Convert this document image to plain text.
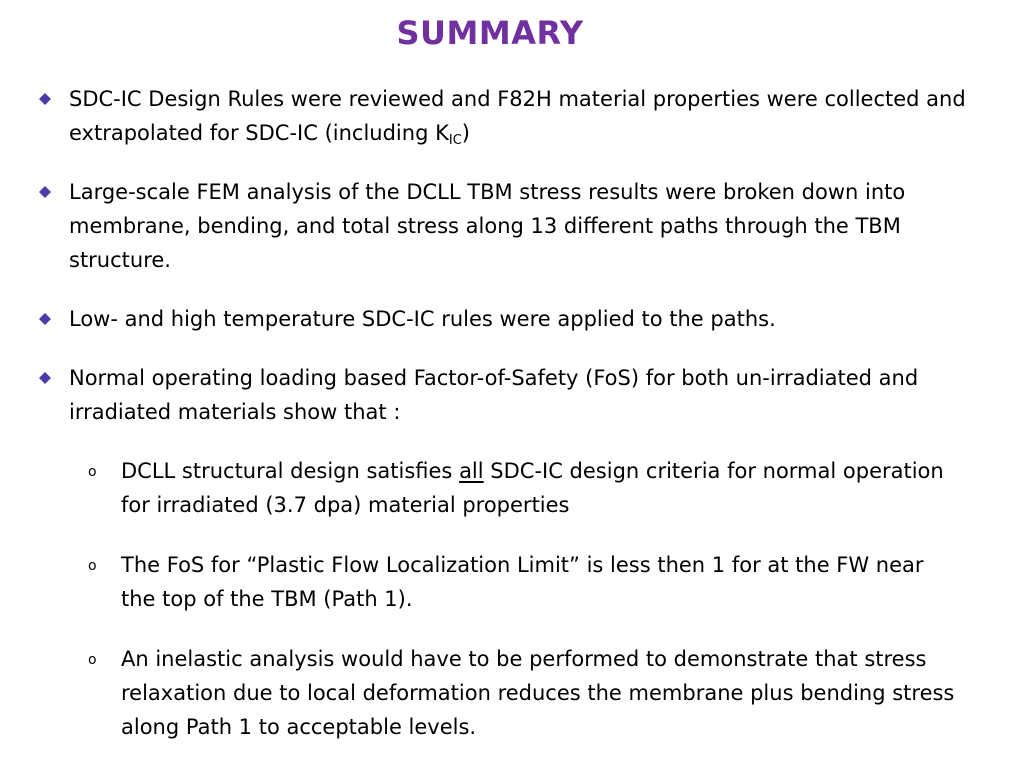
SUMMARY
SDC-IC Design Rules were reviewed and F82H material properties were collected and extrapolated for SDC-IC (including $K_{IC}$)
Large-scale FEM analysis of the DCLL TBM stress results were broken down into membrane, bending, and total stress along 13 different paths through the TBM structure.
Low- and high temperature SDC-IC rules were applied to the paths.
Normal operating loading based Factor-of-Safety (FoS) for both un-irradiated and irradiated materials show that :
o DCLL structural design satisfies all SDC-IC design criteria for normal operation for irradiated (3.7 dpa) material properties
o The FoS for “Plastic Flow Localization Limit” is less then 1 for at the FW near the top of the TBM (Path 1).
o An inelastic analysis would have to be performed to demonstrate that stress relaxation due to local deformation reduces the membrane plus bending stress along Path 1 to acceptable levels.
